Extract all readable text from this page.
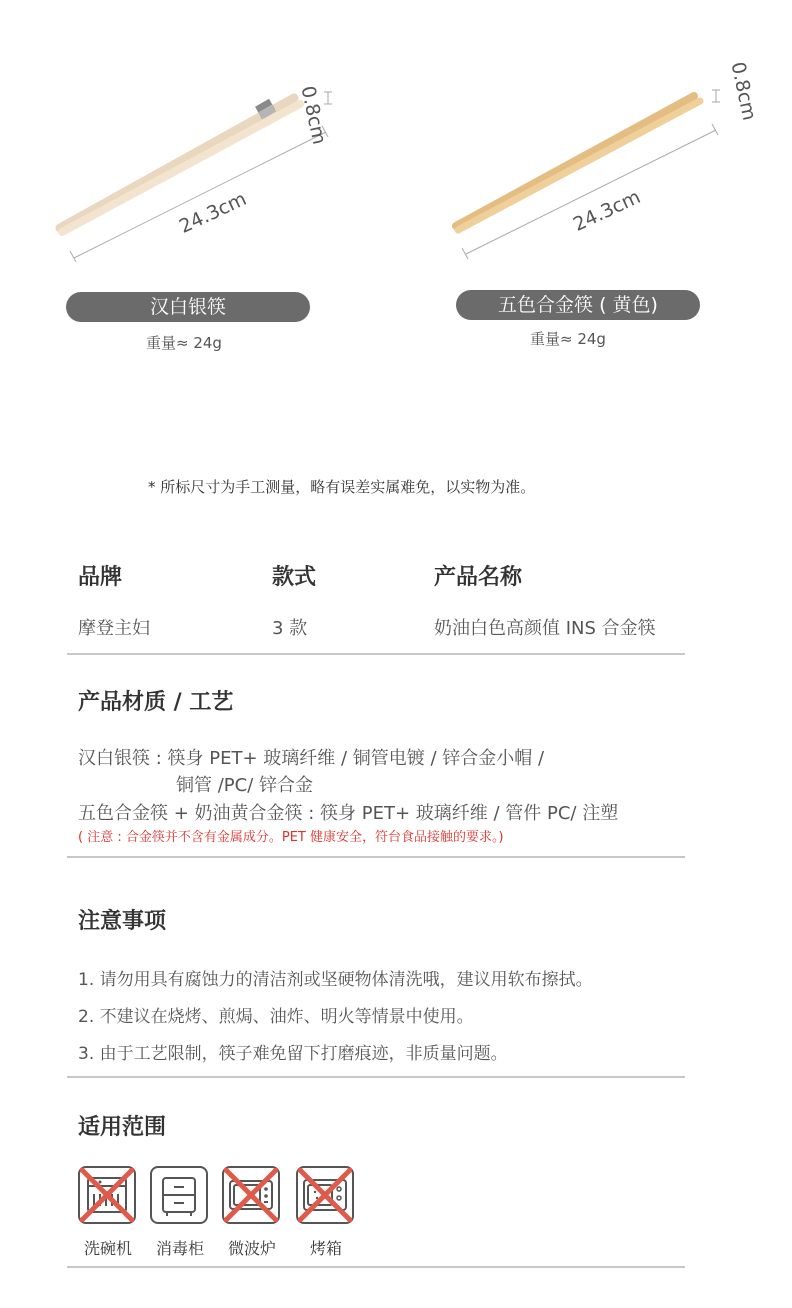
0.8cm
24.3cm
0.8cm
24.3cm
汉白银筷
重量≈ 24g
五色合金筷 ( 黄色)
重量≈ 24g
* 所标尺寸为手工测量，略有误差实属难免，以实物为准。
品牌	款式	产品名称
摩登主妇	3 款	奶油白色高颜值 INS 合金筷
产品材质 / 工艺
汉白银筷 : 筷身 PET+ 玻璃纤维 / 铜管电镀 / 锌合金小帽 /
铜管 /PC/ 锌合金
五色合金筷 + 奶油黄合金筷 : 筷身 PET+ 玻璃纤维 / 管件 PC/ 注塑
( 注意 : 合金筷并不含有金属成分。PET 健康安全，符台食品接触的要求。)
注意事项
1. 请勿用具有腐蚀力的清洁剂或坚硬物体清洗哦，建议用软布擦拭。
2. 不建议在烧烤、煎焗、油炸、明火等情景中使用。
3. 由于工艺限制，筷子难免留下打磨痕迹，非质量问题。
适用范围
洗碗机	消毒柜	微波炉	烤箱
